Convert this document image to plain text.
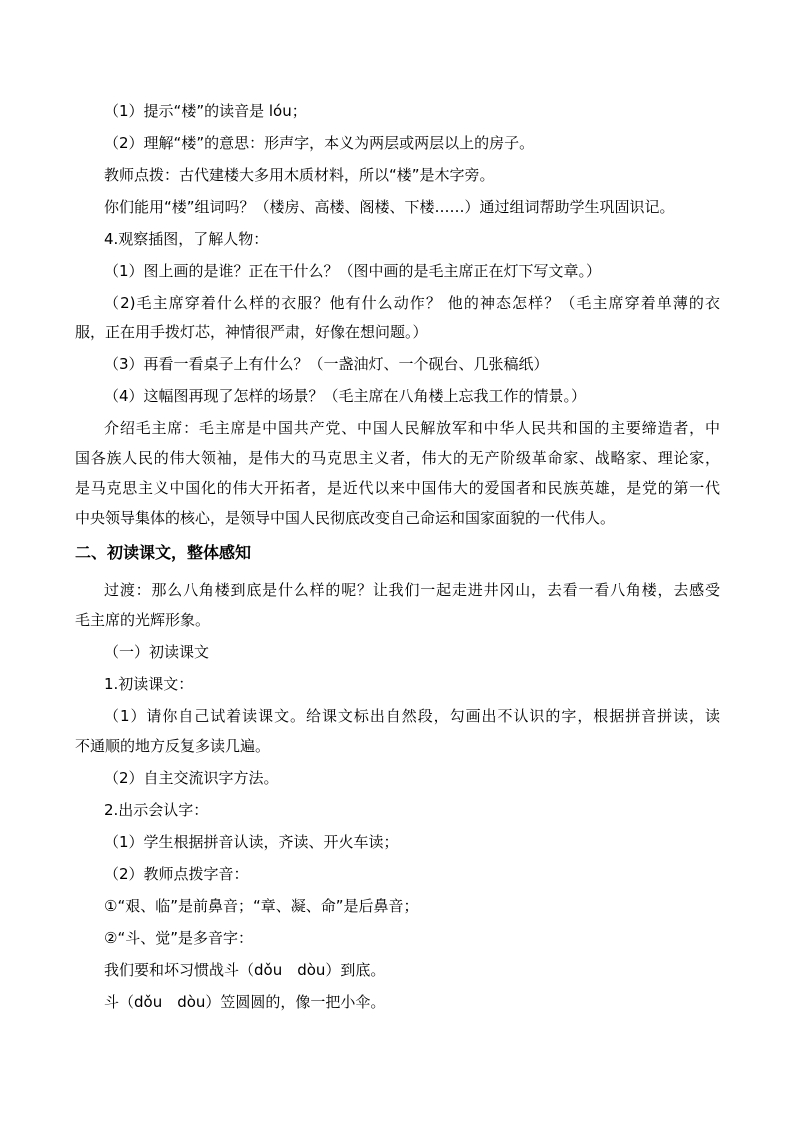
（1）提示“楼”的读音是 lóu；
（2）理解“楼”的意思：形声字，本义为两层或两层以上的房子。
教师点拨：古代建楼大多用木质材料，所以“楼”是木字旁。
你们能用“楼”组词吗？（楼房、高楼、阁楼、下楼……）通过组词帮助学生巩固识记。
4.观察插图，了解人物：
（1）图上画的是谁？正在干什么？（图中画的是毛主席正在灯下写文章。）
（2)毛主席穿着什么样的衣服？他有什么动作？ 他的神态怎样？（毛主席穿着单薄的衣
服，正在用手拨灯芯，神情很严肃，好像在想问题。）
（3）再看一看桌子上有什么？（一盏油灯、一个砚台、几张稿纸）
（4）这幅图再现了怎样的场景？（毛主席在八角楼上忘我工作的情景。）
介绍毛主席：毛主席是中国共产党、中国人民解放军和中华人民共和国的主要缔造者，中
国各族人民的伟大领袖，是伟大的马克思主义者，伟大的无产阶级革命家、战略家、理论家，
是马克思主义中国化的伟大开拓者，是近代以来中国伟大的爱国者和民族英雄，是党的第一代
中央领导集体的核心，是领导中国人民彻底改变自己命运和国家面貌的一代伟人。
二、初读课文，整体感知
过渡：那么八角楼到底是什么样的呢？让我们一起走进井冈山，去看一看八角楼，去感受
毛主席的光辉形象。
（一）初读课文
1.初读课文：
（1）请你自己试着读课文。给课文标出自然段，勾画出不认识的字，根据拼音拼读，读
不通顺的地方反复多读几遍。
（2）自主交流识字方法。
2.出示会认字：
（1）学生根据拼音认读，齐读、开火车读；
（2）教师点拨字音：
①“艰、临”是前鼻音；“章、凝、命”是后鼻音；
②“斗、觉”是多音字：
我们要和坏习惯战斗（dǒu　dòu）到底。
斗（dǒu　dòu）笠圆圆的，像一把小伞。
